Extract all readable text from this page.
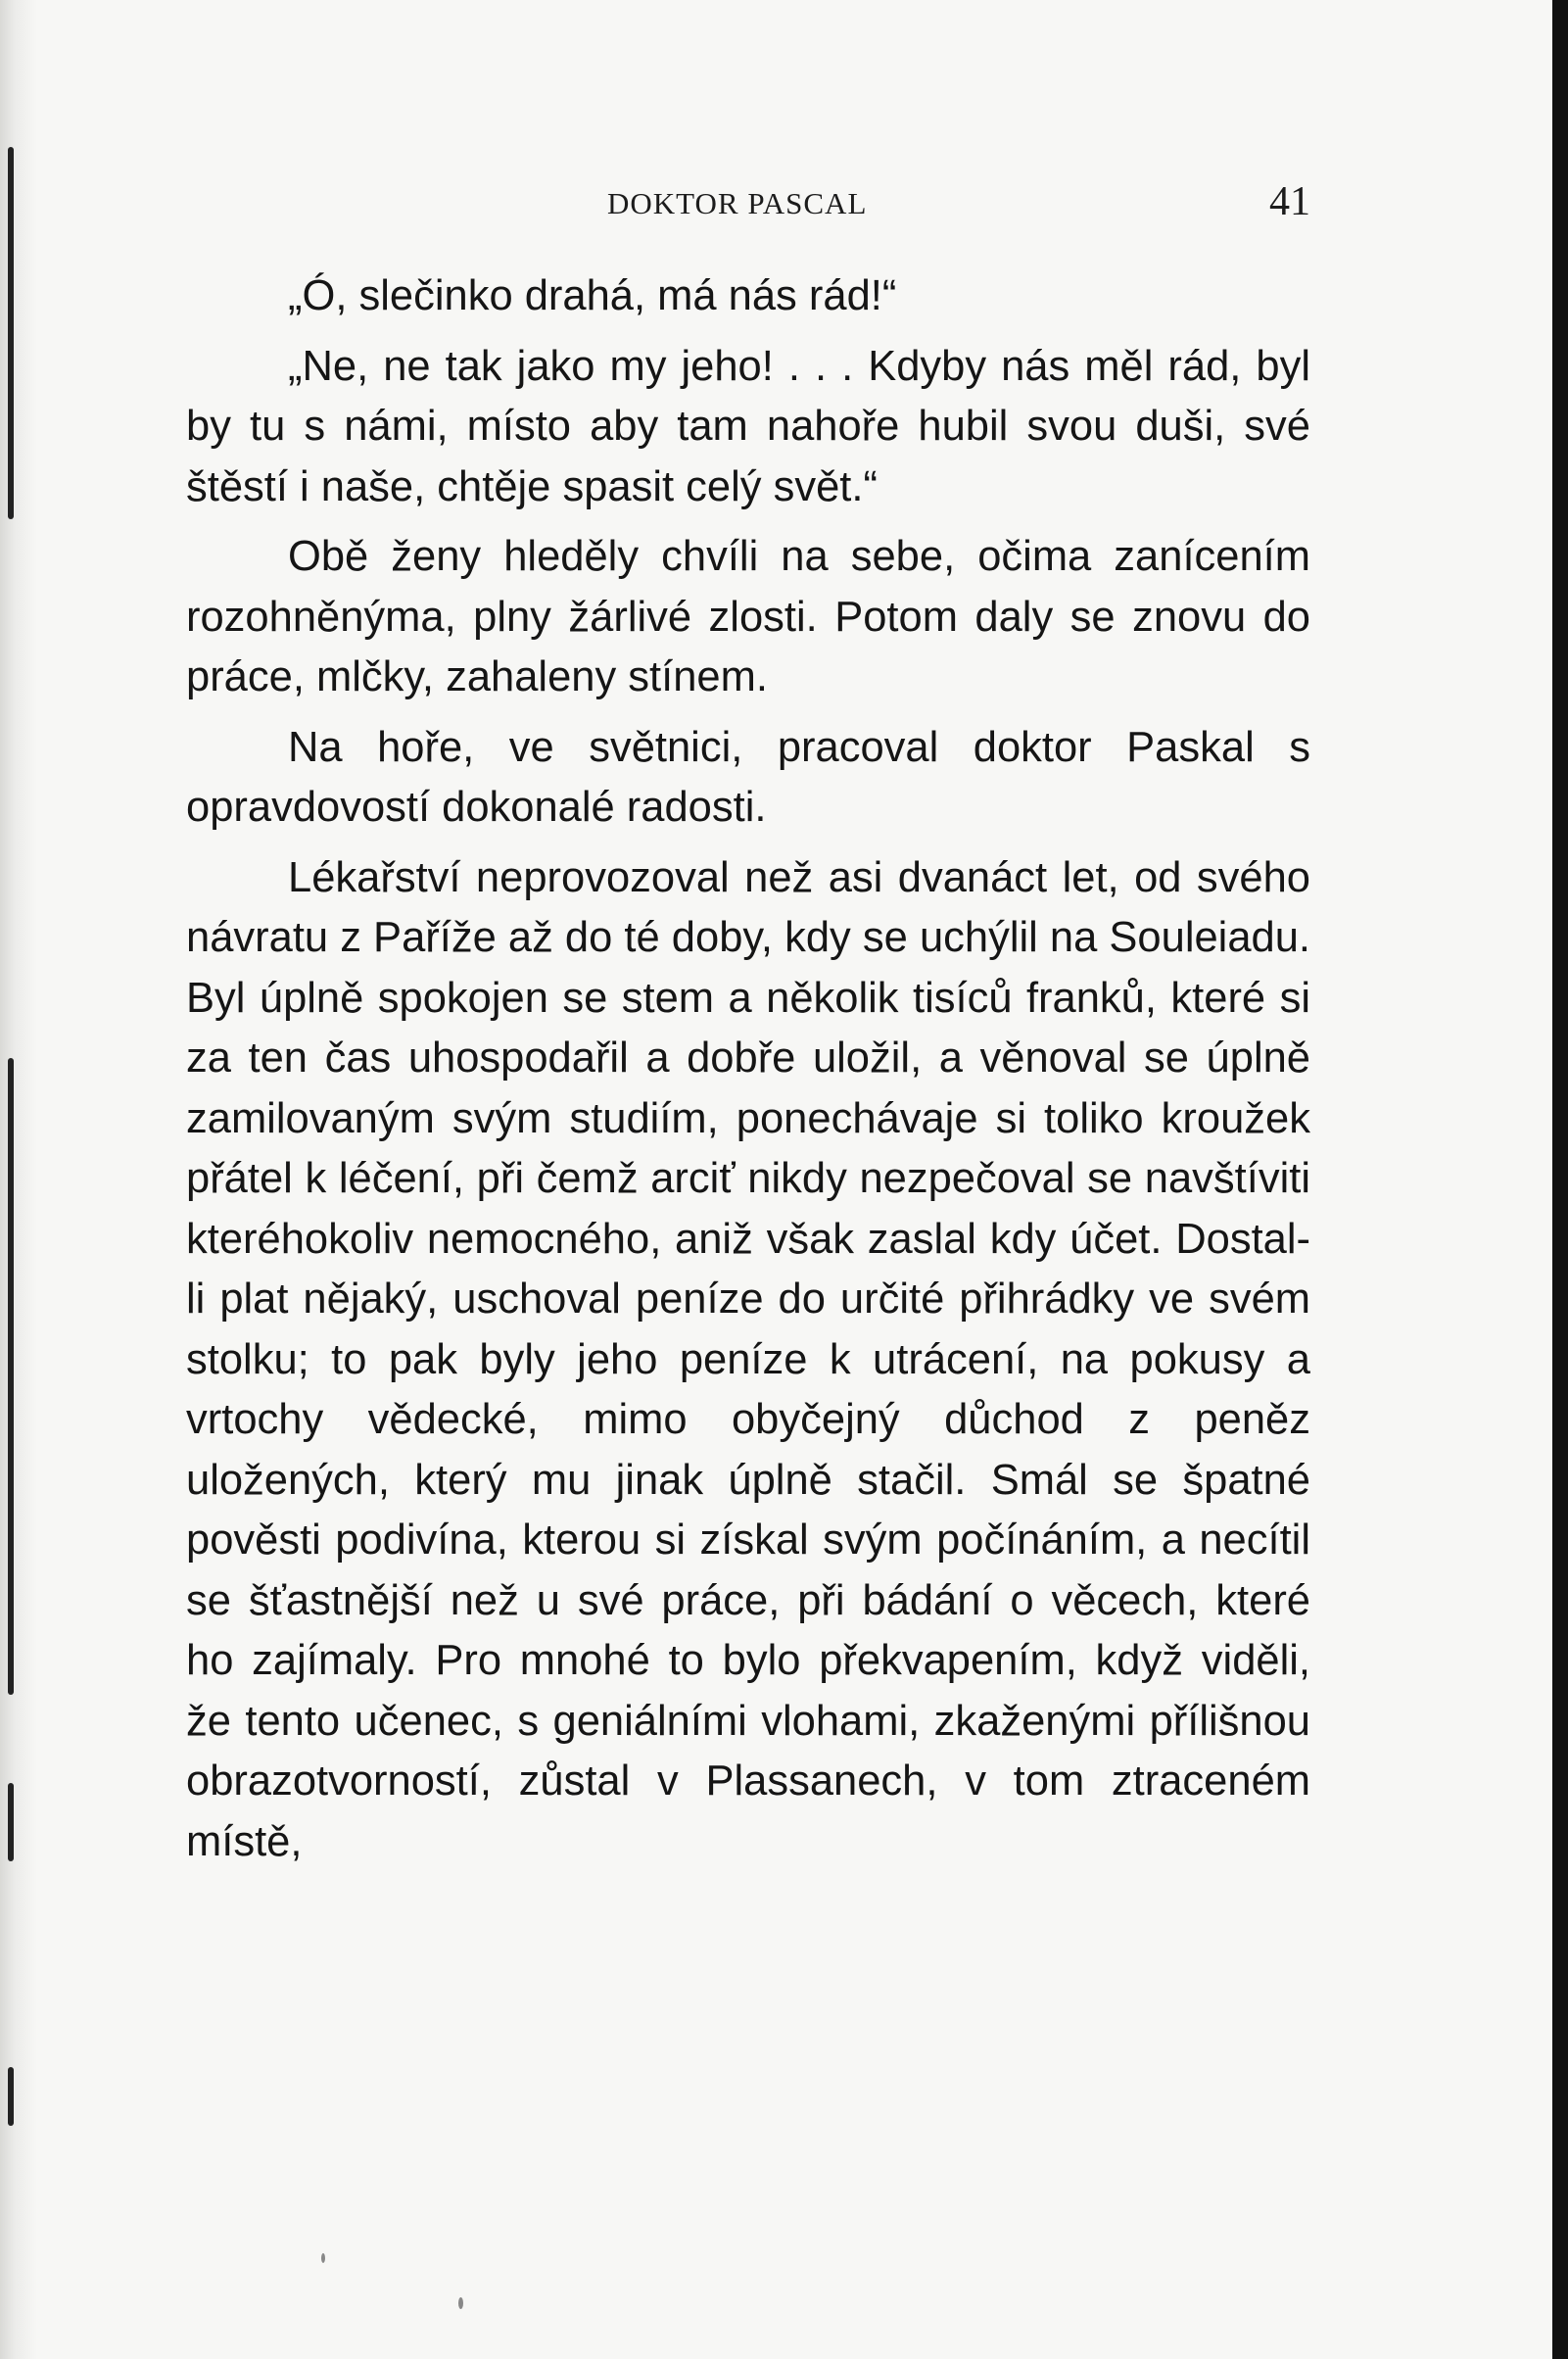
DOKTOR PASCAL	41

„Ó, slečinko drahá, má nás rád!“

„Ne, ne tak jako my jeho! . . . Kdyby nás měl rád, byl by tu s námi, místo aby tam nahoře hubil svou duši, své štěstí i naše, chtěje spasit celý svět.“

Obě ženy hleděly chvíli na sebe, očima zanícením rozohněnýma, plny žárlivé zlosti. Potom daly se znovu do práce, mlčky, zahaleny stínem.

Na hoře, ve světnici, pracoval doktor Paskal s opravdovostí dokonalé radosti.

Lékařství neprovozoval než asi dvanáct let, od svého návratu z Paříže až do té doby, kdy se uchýlil na Souleiadu. Byl úplně spokojen se stem a několik tisíců franků, které si za ten čas uhospodařil a dobře uložil, a věnoval se úplně zamilovaným svým studiím, ponechávaje si toliko kroužek přátel k léčení, při čemž arciť nikdy nezpečoval se navštíviti kteréhokoliv nemocného, aniž však zaslal kdy účet. Dostal-li plat nějaký, uschoval peníze do určité přihrádky ve svém stolku; to pak byly jeho peníze k utrácení, na pokusy a vrtochy vědecké, mimo obyčejný důchod z peněz uložených, který mu jinak úplně stačil. Smál se špatné pověsti podivína, kterou si získal svým počínáním, a necítil se šťastnější než u své práce, při bádání o věcech, které ho zajímaly. Pro mnohé to bylo překvapením, když viděli, že tento učenec, s geniálními vlohami, zkaženými přílišnou obrazotvorností, zůstal v Plassanech, v tom ztraceném místě,
